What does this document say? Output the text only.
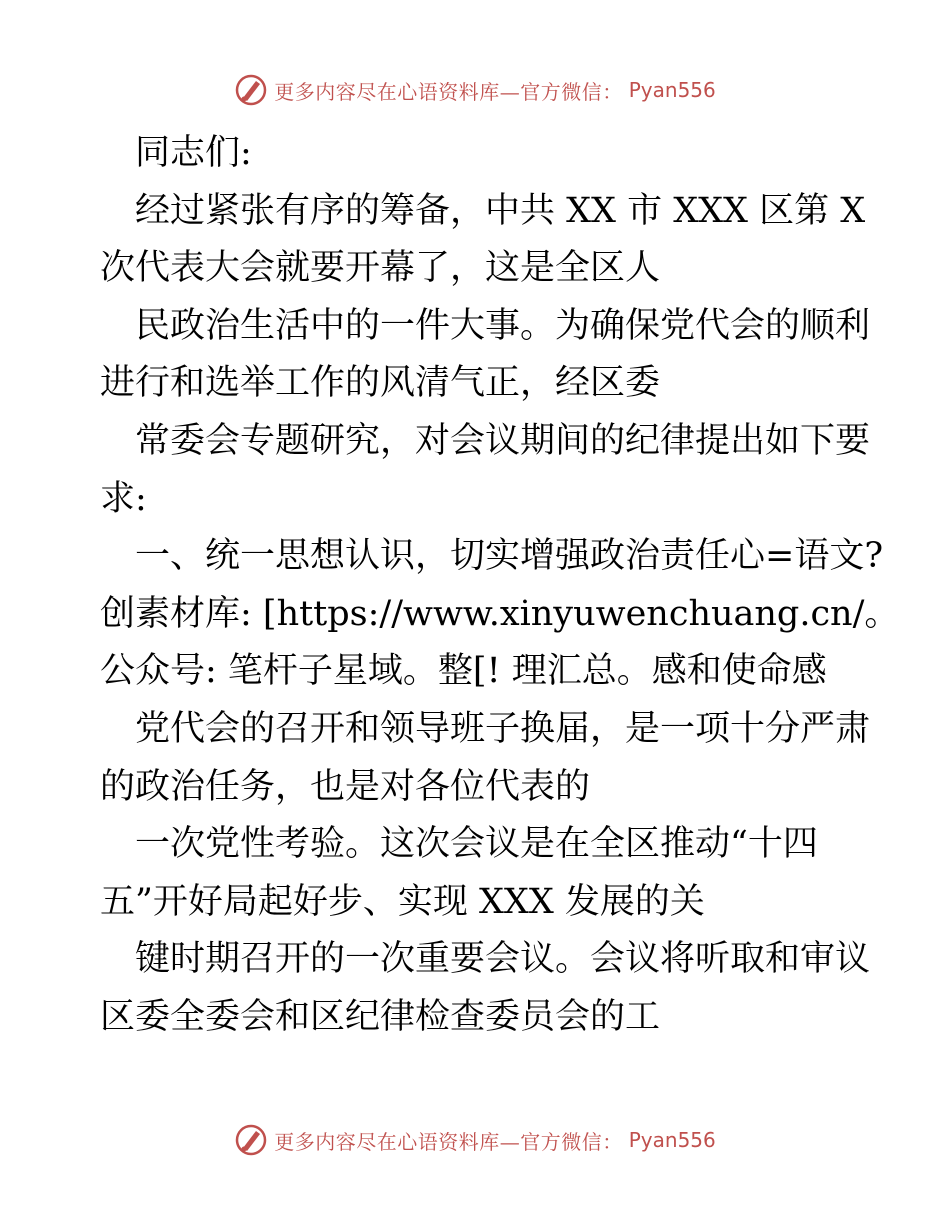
更多内容尽在心语资料库—官方微信： Pyan556
同志们:
经过紧张有序的筹备，中共 XX 市 XXX 区第 X
次代表大会就要开幕了，这是全区人
民政治生活中的一件大事。为确保党代会的顺利
进行和选举工作的风清气正，经区委
常委会专题研究，对会议期间的纪律提出如下要
求:
一、统一思想认识，切实增强政治责任心=语文?
创素材库: [https://www.xinyuwenchuang.cn/。
公众号: 笔杆子星域。整[! 理汇总。感和使命感
党代会的召开和领导班子换届，是一项十分严肃
的政治任务，也是对各位代表的
一次党性考验。这次会议是在全区推动“十四
五”开好局起好步、实现 XXX 发展的关
键时期召开的一次重要会议。会议将听取和审议
区委全委会和区纪律检查委员会的工
更多内容尽在心语资料库—官方微信： Pyan556
